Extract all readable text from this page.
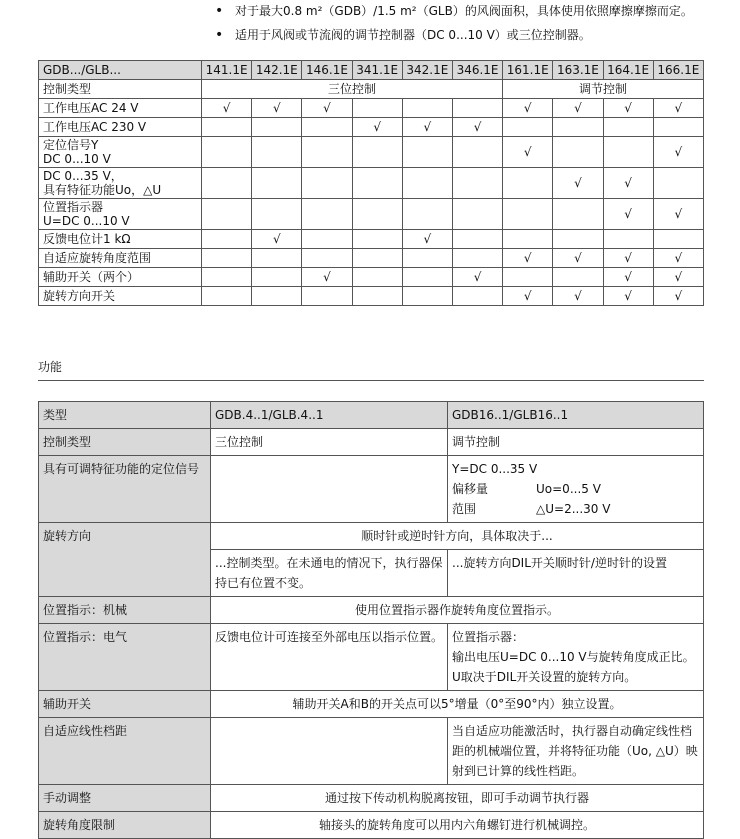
• 对于最大0.8 m²（GDB）/1.5 m²（GLB）的风阀面积，具体使用依照摩擦摩擦而定。
• 适用于风阀或节流阀的调节控制器（DC 0...10 V）或三位控制器。
GDB.../GLB...	141.1E	142.1E	146.1E	341.1E	342.1E	346.1E	161.1E	163.1E	164.1E	166.1E
控制类型	三位控制						调节控制			
工作电压AC 24 V	√	√	√				√	√	√	√
工作电压AC 230 V				√	√	√				
定位信号Y
DC 0...10 V							√			√
DC 0...35 V，
具有特征功能Uo，△U								√	√	
位置指示器
U=DC 0...10 V									√	√
反馈电位计1 kΩ		√			√					
自适应旋转角度范围							√	√	√	√
辅助开关（两个）			√			√			√	√
旋转方向开关							√	√	√	√
功能
类型	GDB.4..1/GLB.4..1	GDB16..1/GLB16..1
控制类型	三位控制	调节控制
具有可调特征功能的定位信号		Y=DC 0...35 V
偏移量 Uo=0...5 V
范围 △U=2...30 V

旋转方向	顺时针或逆时针方向，具体取决于...	
	...控制类型。在未通电的情况下，执行器保持已有位置不变。	...旋转方向DIL开关顺时针/逆时针的设置
位置指示：机械	使用位置指示器作旋转角度位置指示。	
位置指示：电气	反馈电位计可连接至外部电压以指示位置。	位置指示器：
输出电压U=DC 0...10 V与旋转角度成正比。U取决于DIL开关设置的旋转方向。

辅助开关	辅助开关A和B的开关点可以5°增量（0°至90°内）独立设置。	
自适应线性档距		当自适应功能激活时，执行器自动确定线性档距的机械端位置，并将特征功能（Uo, △U）映射到已计算的线性档距。
手动调整	通过按下传动机构脱离按钮，即可手动调节执行器	
旋转角度限制	轴接头的旋转角度可以用内六角螺钉进行机械调控。	
